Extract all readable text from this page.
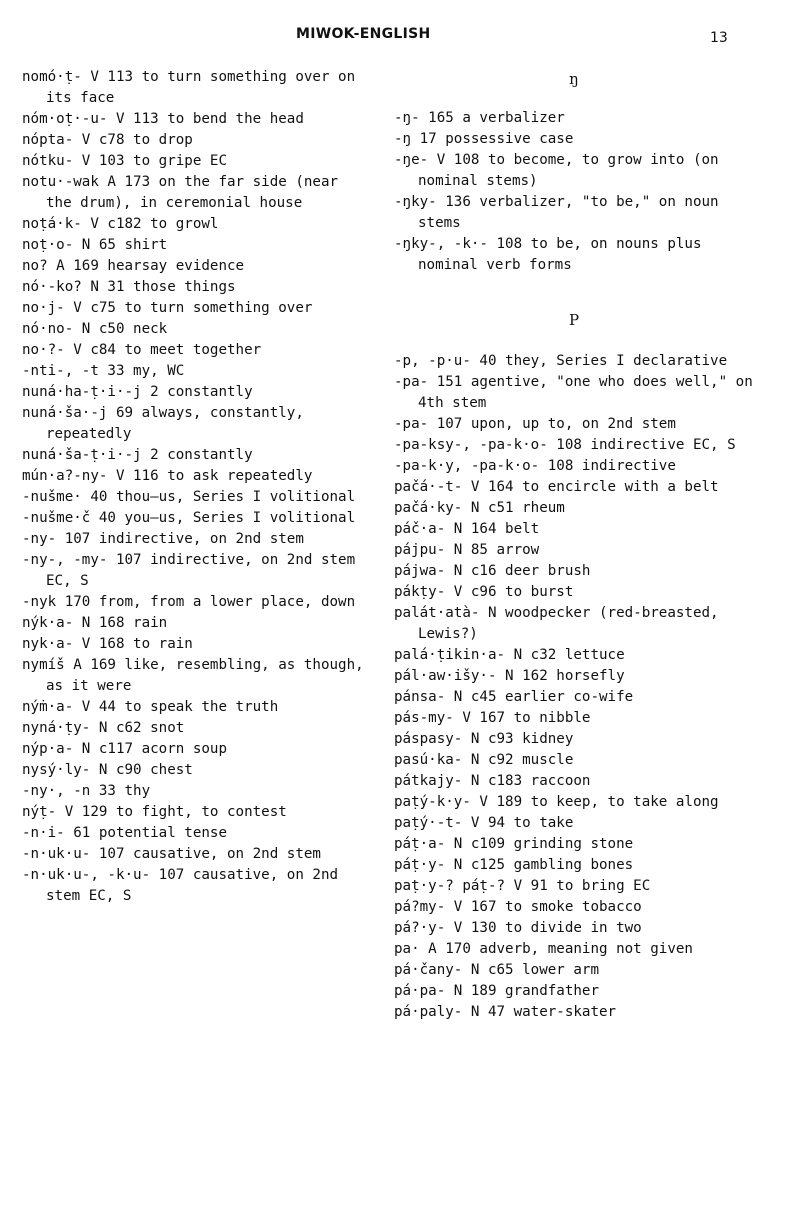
MIWOK-ENGLISH	13
nomó·ṭ- V 113 to turn something over on its face
nóm·oṭ·-u- V 113 to bend the head
nópta- V c78 to drop
nótku- V 103 to gripe EC
notu·-wak A 173 on the far side (near the drum), in ceremonial house
noṭá·k- V c182 to growl
noṭ·o- N 65 shirt
no? A 169 hearsay evidence
nó·-ko? N 31 those things
no·j- V c75 to turn something over
nó·no- N c50 neck
no·?- V c84 to meet together
-nti-, -t 33 my, WC
nuná·ha-ṭ·i·-j 2 constantly
nuná·ša·-j 69 always, constantly, repeatedly
nuná·ša-ṭ·i·-j 2 constantly
mún·a?-ny- V 116 to ask repeatedly
-nušme· 40 thou—us, Series I volitional
-nušme·č 40 you—us, Series I volitional
-ny- 107 indirective, on 2nd stem
-ny-, -my- 107 indirective, on 2nd stem EC, S
-nyk 170 from, from a lower place, down
nýk·a- N 168 rain
nyk·a- V 168 to rain
nymíš A 169 like, resembling, as though, as it were
nýṁ·a- V 44 to speak the truth
nyná·ṭy- N c62 snot
nýp·a- N c117 acorn soup
nysý·ly- N c90 chest
-ny·, -n 33 thy
nýṭ- V 129 to fight, to contest
-n·i- 61 potential tense
-n·uk·u- 107 causative, on 2nd stem
-n·uk·u-, -k·u- 107 causative, on 2nd stem EC, S
ŋ
-ŋ- 165 a verbalizer
-ŋ 17 possessive case
-ŋe- V 108 to become, to grow into (on nominal stems)
-ŋky- 136 verbalizer, "to be," on noun stems
-ŋky-, -k·- 108 to be, on nouns plus nominal verb forms
P
-p, -p·u- 40 they, Series I declarative
-pa- 151 agentive, "one who does well," on 4th stem
-pa- 107 upon, up to, on 2nd stem
-pa-ksy-, -pa-k·o- 108 indirective EC, S
-pa-k·y, -pa-k·o- 108 indirective
pačá·-t- V 164 to encircle with a belt
pačá·ky- N c51 rheum
páč·a- N 164 belt
pájpu- N 85 arrow
pájwa- N c16 deer brush
pákṭy- V c96 to burst
palát·atà- N woodpecker (red-breasted, Lewis?)
palá·ṭikin·a- N c32 lettuce
pál·aw·išy·- N 162 horsefly
pánsa- N c45 earlier co-wife
pás-my- V 167 to nibble
páspasy- N c93 kidney
pasú·ka- N c92 muscle
pátkajy- N c183 raccoon
paṭý-k·y- V 189 to keep, to take along
paṭý·-t- V 94 to take
páṭ·a- N c109 grinding stone
páṭ·y- N c125 gambling bones
paṭ·y-? páṭ-? V 91 to bring EC
pá?my- V 167 to smoke tobacco
pá?·y- V 130 to divide in two
pa· A 170 adverb, meaning not given
pá·čany- N c65 lower arm
pá·pa- N 189 grandfather
pá·paly- N 47 water-skater
